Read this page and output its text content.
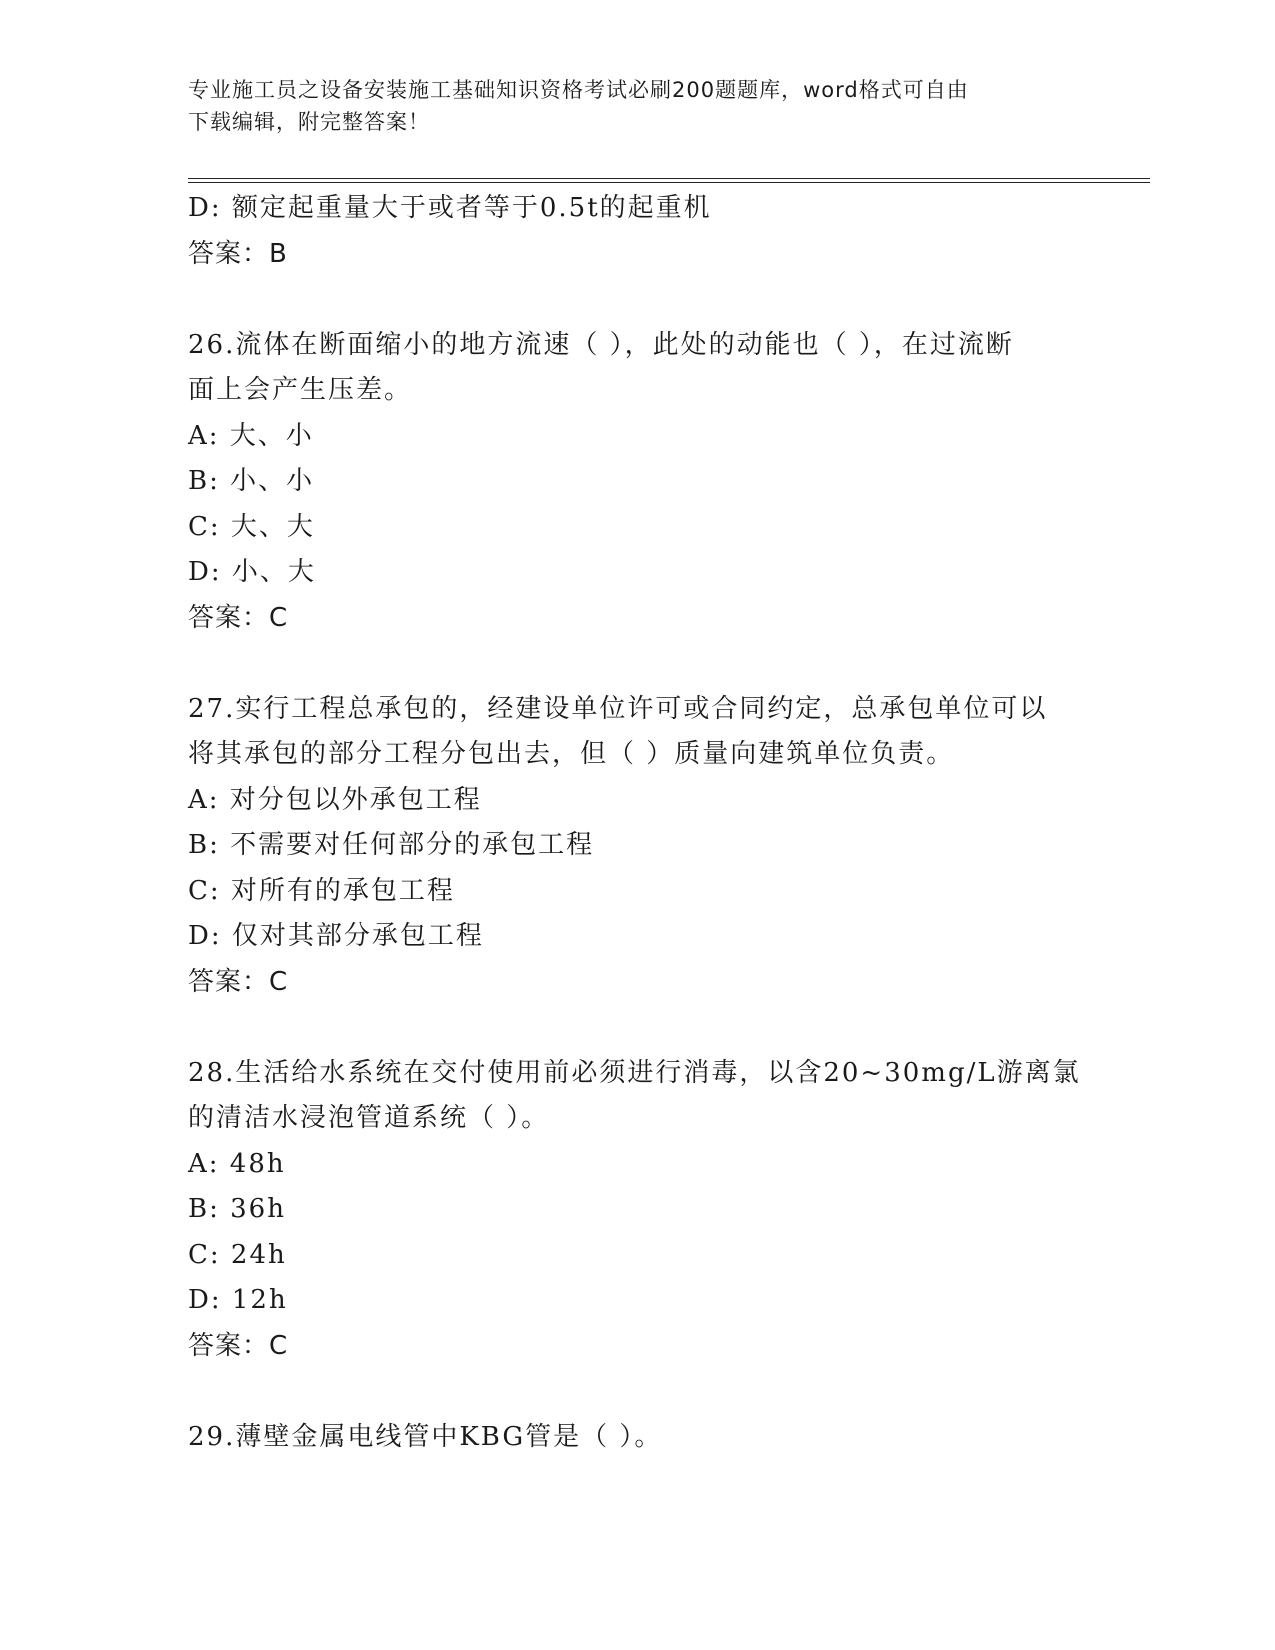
专业施工员之设备安装施工基础知识资格考试必刷200题题库，word格式可自由
下载编辑，附完整答案！
D: 额定起重量大于或者等于0.5t的起重机
答案：B
26.流体在断面缩小的地方流速（ ），此处的动能也（ ），在过流断
面上会产生压差。
A: 大、小
B: 小、小
C: 大、大
D: 小、大
答案：C
27.实行工程总承包的，经建设单位许可或合同约定，总承包单位可以
将其承包的部分工程分包出去，但（ ）质量向建筑单位负责。
A: 对分包以外承包工程
B: 不需要对任何部分的承包工程
C: 对所有的承包工程
D: 仅对其部分承包工程
答案：C
28.生活给水系统在交付使用前必须进行消毒，以含20~30mg/L游离氯
的清洁水浸泡管道系统（ ）。
A: 48h
B: 36h
C: 24h
D: 12h
答案：C
29.薄壁金属电线管中KBG管是（ ）。
